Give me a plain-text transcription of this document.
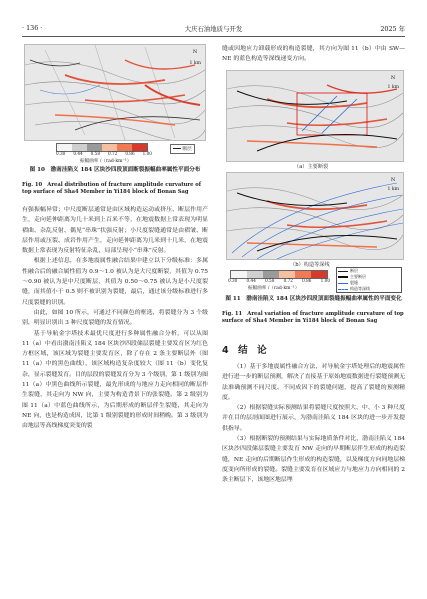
· 136 ·	大庆石油地质与开发	2025 年
N
1 km
0.30 0.44 0.58 0.72 0.86 1.00
振幅曲率 /（rad·km⁻¹）
断层
图 10　渤南洼陷义 184 区块沙四段顶面断裂振幅曲率属性平面分布
Fig. 10　Areal distribution of fracture amplitude curvature of top surface of Sha4 Member in Yi184 block of Bonan Sag

有强振幅异常；中尺度断层通常是由区域构造运动或挤压、断层作用产生，走向延伸距离为几十米到上百米不等，在地震数据上常表现为明显褶曲、杂乱反射、偶见“串珠”状强反射；小尺度裂缝通常是由褶皱、断层作用或压裂、成岩作用产生，走向延伸距离为几米到十几米，在地震数据上常表现为反射特征杂乱，局部呈现小“串珠”反射。

根据上述信息，在多地震属性融合结果中建立以下分级标准：多属性融合后的融合属性值为 0.9～1.0 被认为是大尺度断裂，其值为 0.75～0.90 被认为是中尺度断层，其值为 0.50～0.75 被认为是小尺度裂缝，而其值小于 0.5 则不被识别为裂缝，最后，通过该分级标准进行多尺度裂缝的识别。

由此，如图 10 所示，可通过不同颜色的框选，将裂缝分为 3 个级别，明显识别出 3 种尺度裂缝的发育情况。

基于导航金字塔技术最优尺度进行多种属性融合分析，可以从图 11（a）中看出渤南洼陷义 184 区块沙四段储层裂缝主要发育区为红色方框区域，该区域为裂缝主要发育区，除了存在 2 条主要断层外（图 11（a）中的黑色曲线），该区域构造复杂度较大（图 11（b）变化复杂，显示裂缝发育。目的层段的裂缝发育分为 3 个级别，第 1 级别为图 11（a）中黑色曲线所示裂缝，最先形成的与地应力走向相同的断层作生裂缝，其走向为 NW 向，主要为构造背景下的张裂缝。第 2 级别为图 11（a）中蓝色曲线所示，为后期形成的断层伴生裂缝，其走向为 NE 向，也是构造成因，比第 1 级别裂缝的形成时间稍晚。第 3 级别为由地层等高线梯度突变的裂

缝或因地应力卸载形成的构造裂缝，其方向为图 11（b）中由 SW—NE 的蓝色构造等深线递变方向。

N
1 km
（a）主要断裂
N
1 km
（b）构造等深线
0.30 0.44 0.58 0.72 0.86 1.00
振幅曲率 /（rad·km⁻¹）
断层
主要断层
裂缝
构造等深线
图 11　渤南洼陷义 184 区块沙四段顶面裂缝振幅曲率属性的平面变化
Fig. 11　Areal variation of fracture amplitude curvature of top surface of Sha4 Member in Yi184 block of Bonan Sag
4　结　论

（1）基于多地震属性融合方法，对导航金字塔处理后的地震属性进行进一步的断层预测，解决了直接基于原始地震数据进行裂缝预测无法准确预测不同尺度、不同成因下的裂缝问题，提高了裂缝的预测精度。

（2）根据裂缝实际预测结果将裂缝尺度按照大、中、小 3 种尺度并在目的层剖面图进行展示，为渤南洼陷义 184 区块的进一步开发提供指导。

（3）根据断裂的预测结果与实际地质条件对比，渤南洼陷义 184 区块沙四段储层裂缝主要发育 NW 走向的早期断层伴生形成的构造裂缝，NE 走向的后期断层作生形成的构造裂缝，以及梯度方向同地层梯度变向所形成的裂缝。裂缝主要发育在区域应力与地应力方向相同的 2 条主断层下，该地区地层埋
